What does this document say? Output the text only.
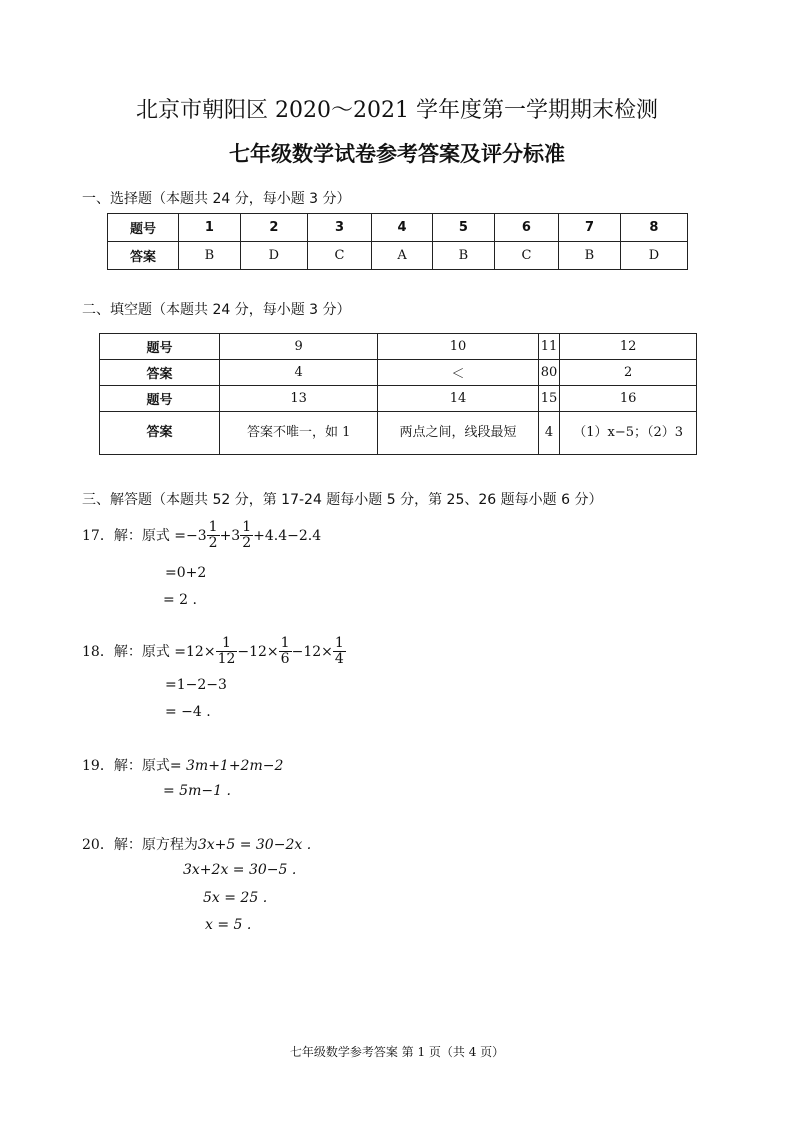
北京市朝阳区 2020～2021 学年度第一学期期末检测
七年级数学试卷参考答案及评分标准
一、选择题（本题共 24 分，每小题 3 分）
题号	1	2	3	4	5	6	7	8
答案	B	D	C	A	B	C	B	D
二、填空题（本题共 24 分，每小题 3 分）
题号	9	10	11	12
答案	4	＜	80	2
题号	13	14	15	16
答案	答案不唯一，如 1	两点之间，线段最短	4	（1）x−5；（2）3
三、解答题（本题共 52 分，第 17-24 题每小题 5 分，第 25、26 题每小题 6 分）
17．解：原式 $=-3 \frac{1}{2} +3 \frac{1}{2} +4.4-2.4$
=0+2
= 2 .
18．解：原式 $=12\times \frac{1}{12} -12\times \frac{1}{6} -12\times \frac{1}{4}$
=1−2−3
= −4 .
19．解：原式= 3m+1+2m−2
= 5m−1 .
20．解：原方程为3x+5 = 30−2x .
3x+2x = 30−5 .
5x = 25 .
x = 5 .
七年级数学参考答案 第 1 页（共 4 页）
